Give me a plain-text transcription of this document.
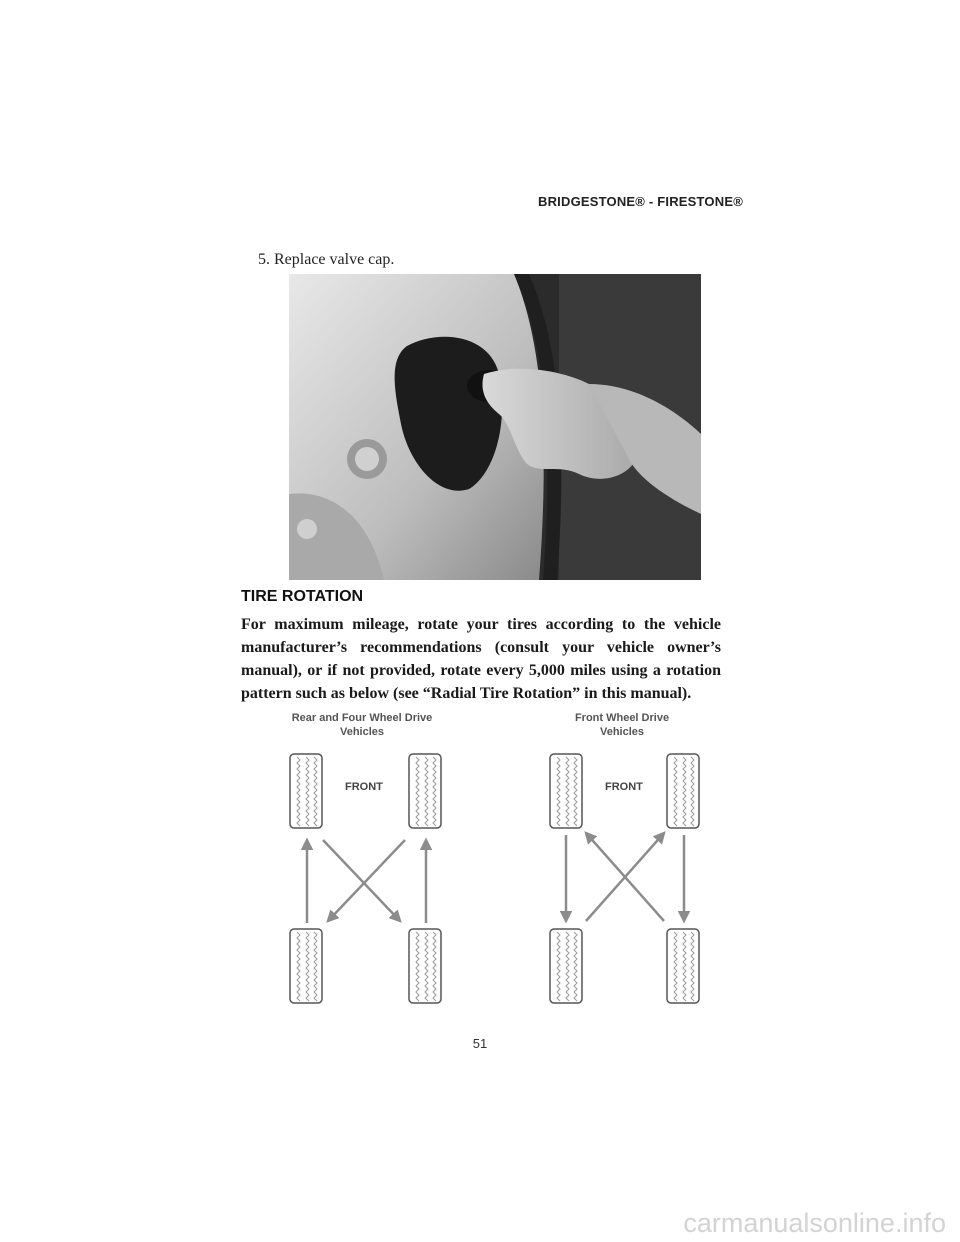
BRIDGESTONE® - FIRESTONE®
5. Replace valve cap.
TIRE ROTATION
For maximum mileage, rotate your tires according to the vehicle manufacturer’s recommendations (consult your vehicle owner’s manual), or if not provided, rotate every 5,000 miles using a rotation pattern such as below (see “Radial Tire Rotation” in this manual).
Rear and Four Wheel Drive
Vehicles
Front Wheel Drive
Vehicles
FRONT	FRONT
51
carmanualsonline.info
